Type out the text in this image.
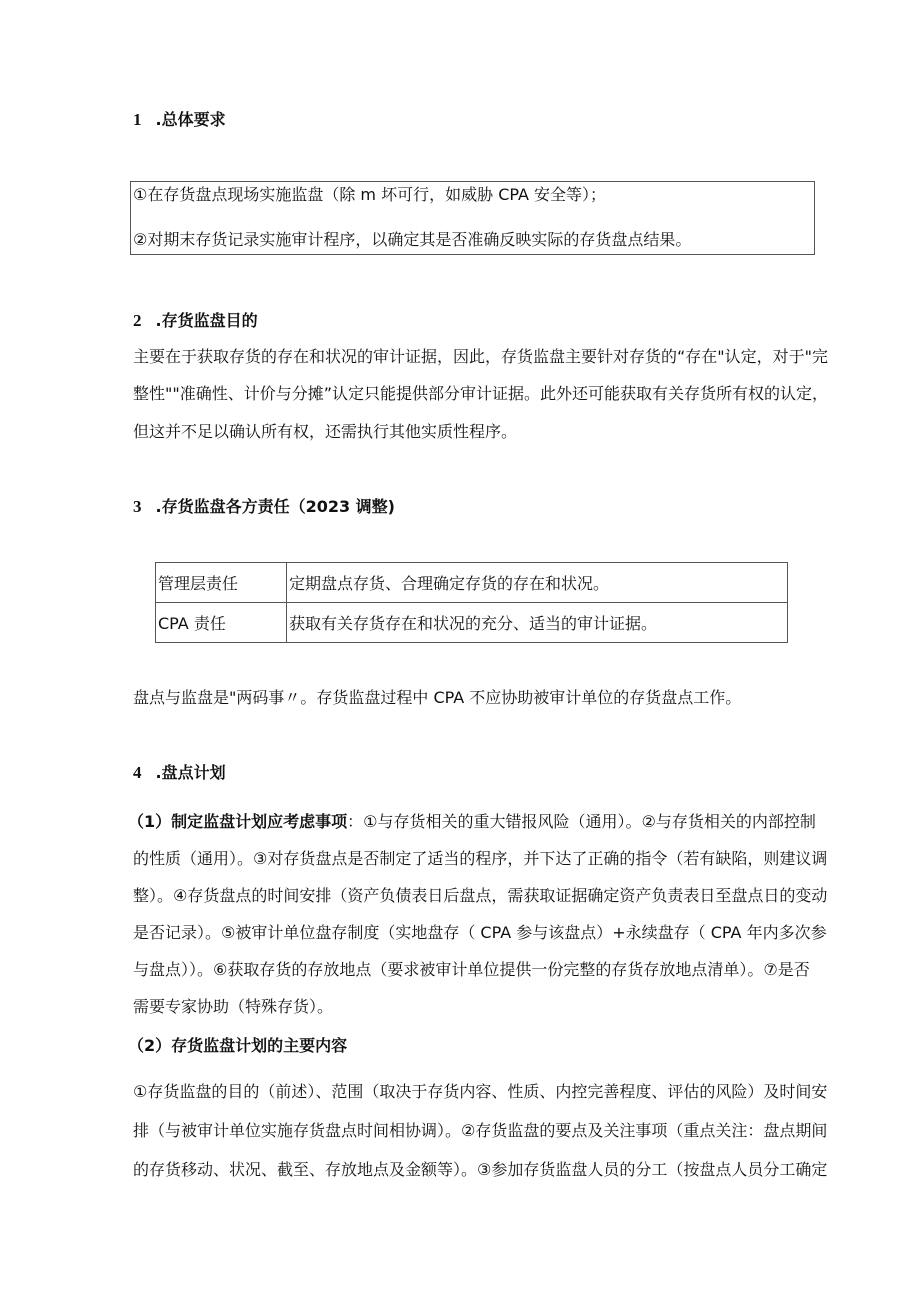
1 .总体要求
①在存货盘点现场实施监盘（除 m 坏可行，如威胁 CPA 安全等）；
②对期末存货记录实施审计程序，以确定其是否准确反映实际的存货盘点结果。
2 .存货监盘目的
主要在于获取存货的存在和状况的审计证据，因此，存货监盘主要针对存货的“存在"认定，对于"完
整性""准确性、计价与分摊”认定只能提供部分审计证据。此外还可能获取有关存货所有权的认定，
但这并不足以确认所有权，还需执行其他实质性程序。
3 .存货监盘各方责任（2023 调整)
管理层责任	定期盘点存货、合理确定存货的存在和状况。
CPA 责任	获取有关存货存在和状况的充分、适当的审计证据。
盘点与监盘是"两码事〃。存货监盘过程中 CPA 不应协助被审计单位的存货盘点工作。
4 .盘点计划
（1）制定监盘计划应考虑事项：①与存货相关的重大错报风险（通用）。②与存货相关的内部控制
的性质（通用）。③对存货盘点是否制定了适当的程序，并下达了正确的指令（若有缺陷，则建议调
整）。④存货盘点的时间安排（资产负债表日后盘点，需获取证据确定资产负责表日至盘点日的变动
是否记录）。⑤被审计单位盘存制度（实地盘存（ CPA 参与该盘点）+永续盘存（ CPA 年内多次参
与盘点））。⑥获取存货的存放地点（要求被审计单位提供一份完整的存货存放地点清单）。⑦是否
需要专家协助（特殊存货）。
（2）存货监盘计划的主要内容
①存货监盘的目的（前述）、范围（取决于存货内容、性质、内控完善程度、评估的风险）及时间安
排（与被审计单位实施存货盘点时间相协调）。②存货监盘的要点及关注事项（重点关注：盘点期间
的存货移动、状况、截至、存放地点及金额等）。③参加存货监盘人员的分工（按盘点人员分工确定
